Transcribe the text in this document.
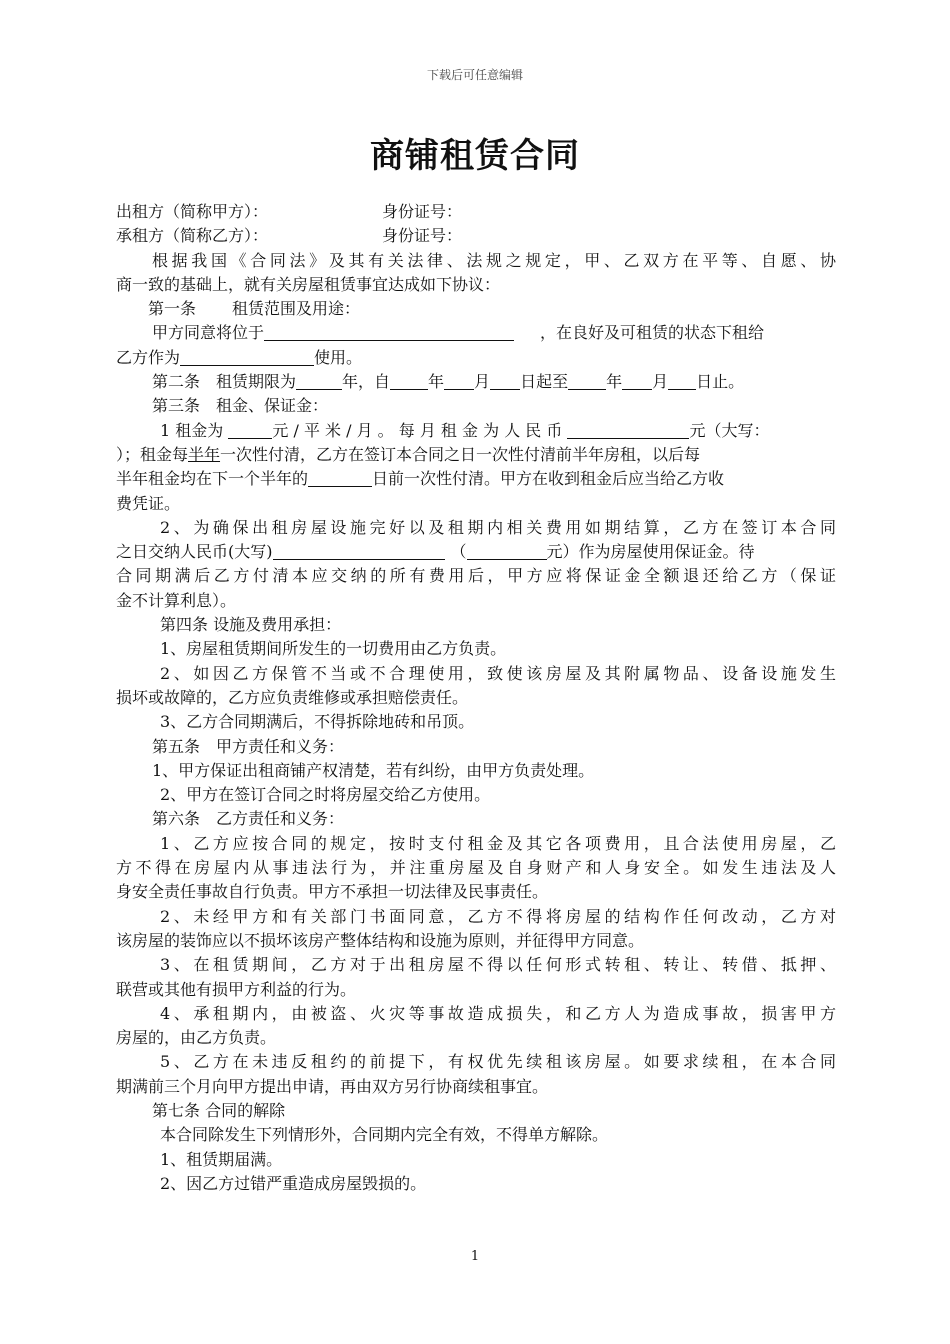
下载后可任意编辑
商铺租赁合同
出租方（简称甲方）：	身份证号：
承租方（简称乙方）：	身份证号：
根据我国《合同法》及其有关法律、法规之规定，甲、乙双方在平等、自愿、协
商一致的基础上，就有关房屋租赁事宜达成如下协议：
第一条 租赁范围及用途：
甲方同意将位于	，在良好及可租赁的状态下租给
乙方作为	使用。
第二条　租赁期限为	年，自 年 月 日起至 年 月 日止。
第三条　租金、保证金：
1 租金为	元 / 平 米 / 月 。 每 月 租 金 为 人 民 币	元（大写：
）；租金每半年一次性付清，乙方在签订本合同之日一次性付清前半年房租，以后每
半年租金均在下一个半年的	日前一次性付清。甲方在收到租金后应当给乙方收
费凭证。
2、为确保出租房屋设施完好以及租期内相关费用如期结算，乙方在签订本合同
之日交纳人民币(大写)	（	元）作为房屋使用保证金。待
合同期满后乙方付清本应交纳的所有费用后，甲方应将保证金全额退还给乙方（保证
金不计算利息）。
第四条 设施及费用承担：
1、房屋租赁期间所发生的一切费用由乙方负责。
2、如因乙方保管不当或不合理使用，致使该房屋及其附属物品、设备设施发生
损坏或故障的，乙方应负责维修或承担赔偿责任。
3、乙方合同期满后，不得拆除地砖和吊顶。
第五条　甲方责任和义务：
1、甲方保证出租商铺产权清楚，若有纠纷，由甲方负责处理。
2、甲方在签订合同之时将房屋交给乙方使用。
第六条　乙方责任和义务：
1、乙方应按合同的规定，按时支付租金及其它各项费用，且合法使用房屋，乙
方不得在房屋内从事违法行为，并注重房屋及自身财产和人身安全。如发生违法及人
身安全责任事故自行负责。甲方不承担一切法律及民事责任。
2、未经甲方和有关部门书面同意，乙方不得将房屋的结构作任何改动，乙方对
该房屋的装饰应以不损坏该房产整体结构和设施为原则，并征得甲方同意。
3、在租赁期间，乙方对于出租房屋不得以任何形式转租、转让、转借、抵押、
联营或其他有损甲方利益的行为。
4、承租期内，由被盗、火灾等事故造成损失，和乙方人为造成事故，损害甲方
房屋的，由乙方负责。
5、乙方在未违反租约的前提下，有权优先续租该房屋。如要求续租，在本合同
期满前三个月向甲方提出申请，再由双方另行协商续租事宜。
第七条 合同的解除
本合同除发生下列情形外，合同期内完全有效，不得单方解除。
1、租赁期届满。
2、因乙方过错严重造成房屋毁损的。
1
